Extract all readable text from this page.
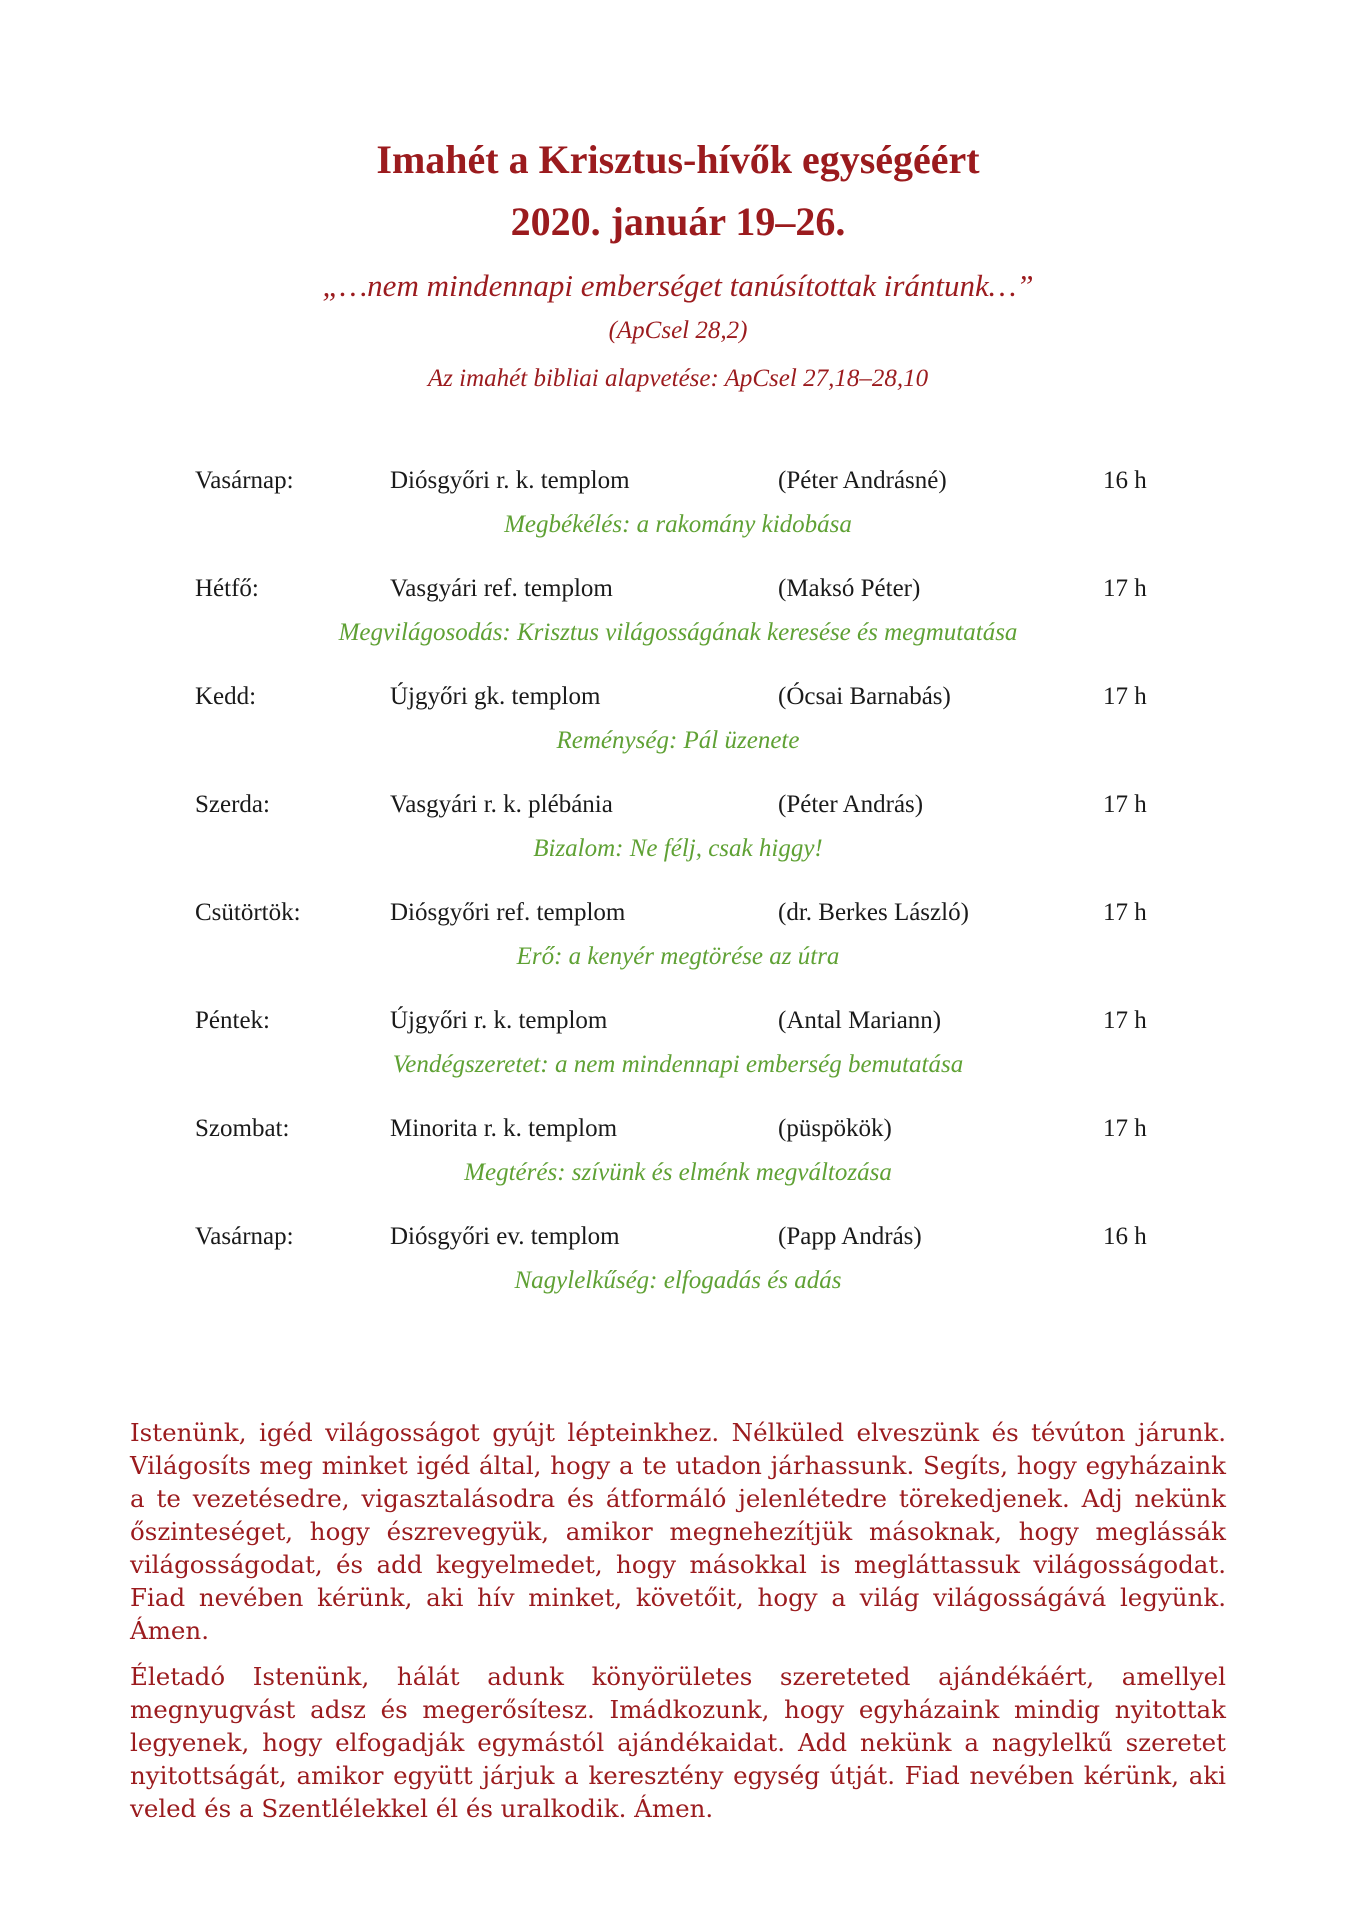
Imahét a Krisztus-hívők egységéért
2020. január 19–26.
„…nem mindennapi emberséget tanúsítottak irántunk…”
(ApCsel 28,2)
Az imahét bibliai alapvetése: ApCsel 27,18–28,10
Vasárnap:	Diósgyőri r. k. templom	(Péter Andrásné)	16 h
Megbékélés: a rakomány kidobása
Hétfő:	Vasgyári ref. templom	(Maksó Péter)	17 h
Megvilágosodás: Krisztus világosságának keresése és megmutatása
Kedd:	Újgyőri gk. templom	(Ócsai Barnabás)	17 h
Reménység: Pál üzenete
Szerda:	Vasgyári r. k. plébánia	(Péter András)	17 h
Bizalom: Ne félj, csak higgy!
Csütörtök:	Diósgyőri ref. templom	(dr. Berkes László)	17 h
Erő: a kenyér megtörése az útra
Péntek:	Újgyőri r. k. templom	(Antal Mariann)	17 h
Vendégszeretet: a nem mindennapi emberség bemutatása
Szombat:	Minorita r. k. templom	(püspökök)	17 h
Megtérés: szívünk és elménk megváltozása
Vasárnap:	Diósgyőri ev. templom	(Papp András)	16 h
Nagylelkűség: elfogadás és adás

Istenünk, igéd világosságot gyújt lépteinkhez. Nélküled elveszünk és tévúton járunk. Világosíts meg minket igéd által, hogy a te utadon járhassunk. Segíts, hogy egyházaink a te vezetésedre, vigasztalásodra és átformáló jelenlétedre törekedjenek. Adj nekünk őszinteséget, hogy észrevegyük, amikor megnehezítjük másoknak, hogy meglássák világosságodat, és add kegyelmedet, hogy másokkal is megláttassuk világosságodat. Fiad nevében kérünk, aki hív minket, követőit, hogy a világ világosságává legyünk. Ámen.

Életadó Istenünk, hálát adunk könyörületes szereteted ajándékáért, amellyel megnyugvást adsz és megerősítesz. Imádkozunk, hogy egyházaink mindig nyitottak legyenek, hogy elfogadják egymástól ajándékaidat. Add nekünk a nagylelkű szeretet nyitottságát, amikor együtt járjuk a keresztény egység útját. Fiad nevében kérünk, aki veled és a Szentlélekkel él és uralkodik. Ámen.
